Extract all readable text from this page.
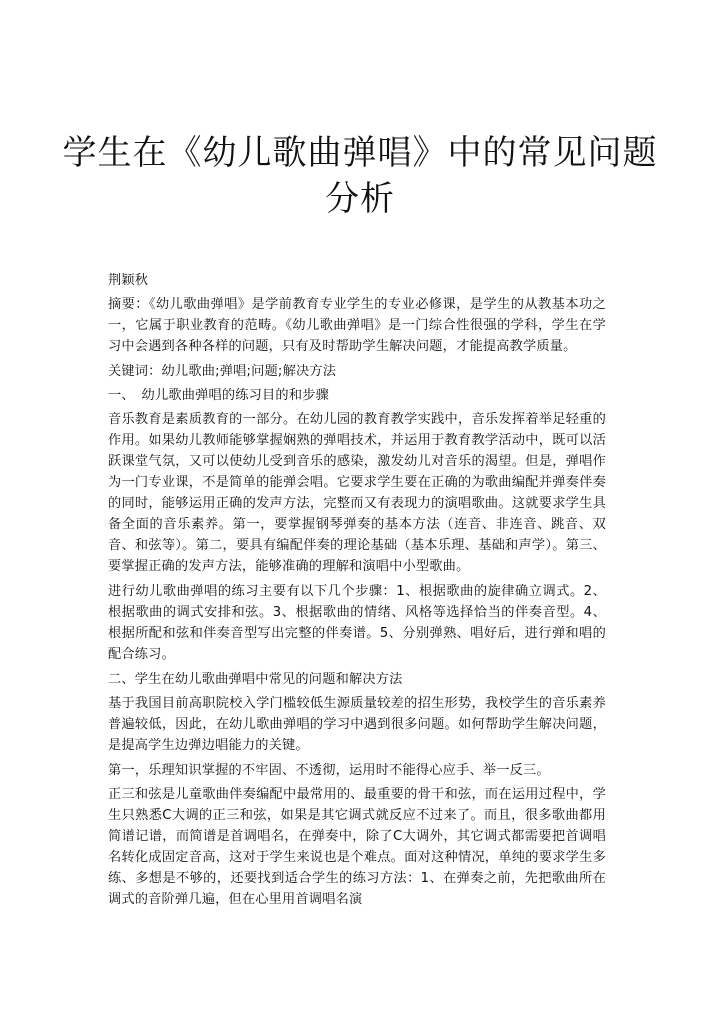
学生在《幼儿歌曲弹唱》中的常见问题分析

荆颖秋

摘要：《幼儿歌曲弹唱》是学前教育专业学生的专业必修课，是学生的从教基本功之一，它属于职业教育的范畴。《幼儿歌曲弹唱》是一门综合性很强的学科，学生在学习中会遇到各种各样的问题，只有及时帮助学生解决问题，才能提高教学质量。

关键词：幼儿歌曲;弹唱;问题;解决方法

一、　幼儿歌曲弹唱的练习目的和步骤

音乐教育是素质教育的一部分。在幼儿园的教育教学实践中，音乐发挥着举足轻重的作用。如果幼儿教师能够掌握娴熟的弹唱技术，并运用于教育教学活动中，既可以活跃课堂气氛，又可以使幼儿受到音乐的感染，激发幼儿对音乐的渴望。但是，弹唱作为一门专业课，不是简单的能弹会唱。它要求学生要在正确的为歌曲编配并弹奏伴奏的同时，能够运用正确的发声方法，完整而又有表现力的演唱歌曲。这就要求学生具备全面的音乐素养。第一，要掌握钢琴弹奏的基本方法（连音、非连音、跳音、双音、和弦等）。第二，要具有编配伴奏的理论基础（基本乐理、基础和声学）。第三、要掌握正确的发声方法，能够准确的理解和演唱中小型歌曲。

进行幼儿歌曲弹唱的练习主要有以下几个步骤：1、根据歌曲的旋律确立调式。2、根据歌曲的调式安排和弦。3、根据歌曲的情绪、风格等选择恰当的伴奏音型。4、根据所配和弦和伴奏音型写出完整的伴奏谱。5、分别弹熟、唱好后，进行弹和唱的配合练习。

二、学生在幼儿歌曲弹唱中常见的问题和解决方法

基于我国目前高职院校入学门槛较低生源质量较差的招生形势，我校学生的音乐素养普遍较低，因此，在幼儿歌曲弹唱的学习中遇到很多问题。如何帮助学生解决问题，是提高学生边弹边唱能力的关键。

第一，乐理知识掌握的不牢固、不透彻，运用时不能得心应手、举一反三。

正三和弦是儿童歌曲伴奏编配中最常用的、最重要的骨干和弦，而在运用过程中，学生只熟悉C大调的正三和弦，如果是其它调式就反应不过来了。而且，很多歌曲都用简谱记谱，而简谱是首调唱名，在弹奏中，除了C大调外，其它调式都需要把首调唱名转化成固定音高，这对于学生来说也是个难点。面对这种情况，单纯的要求学生多练、多想是不够的，还要找到适合学生的练习方法：1、在弹奏之前，先把歌曲所在调式的音阶弹几遍，但在心里用首调唱名演
